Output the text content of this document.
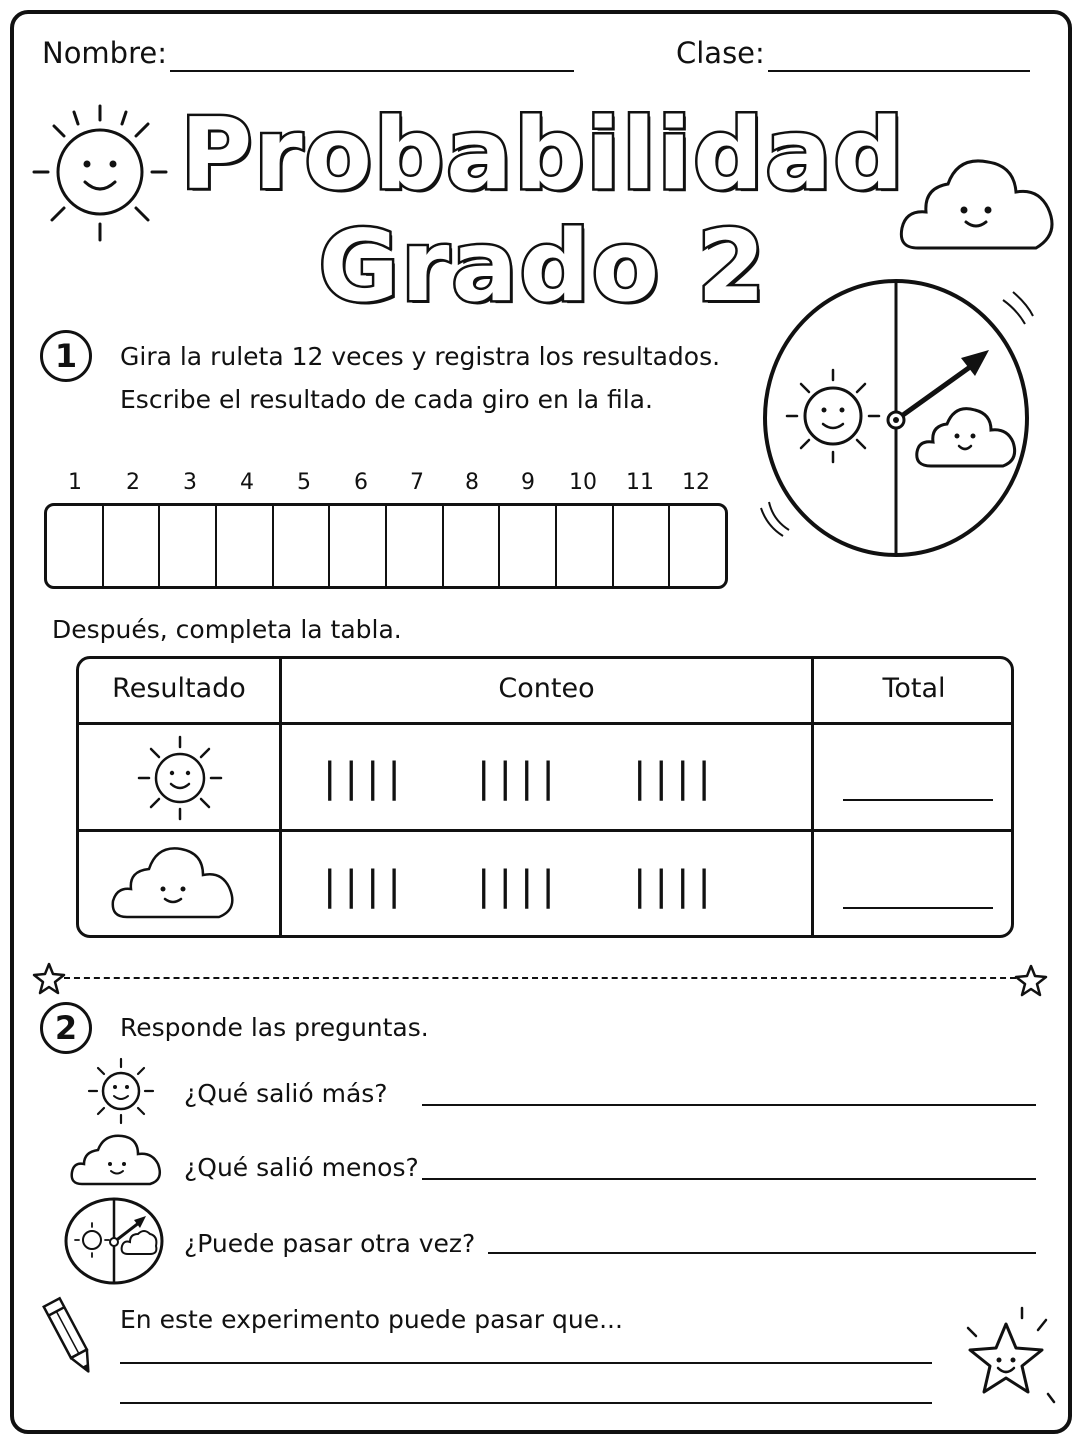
Nombre:	Clase:
Probabilidad
Grado 2
1	Gira la ruleta 12 veces y registra los resultados.
Escribe el resultado de cada giro en la fila.
1	2	3	4	5	6	7	8	9	10 11 12
Después, completa la tabla.
Resultado	Conteo	Total
|||| |||| ||||
|||| |||| ||||
2	Responde las preguntas.
¿Qué salió más?
¿Qué salió menos?
¿Puede pasar otra vez?
En este experimento puede pasar que...
